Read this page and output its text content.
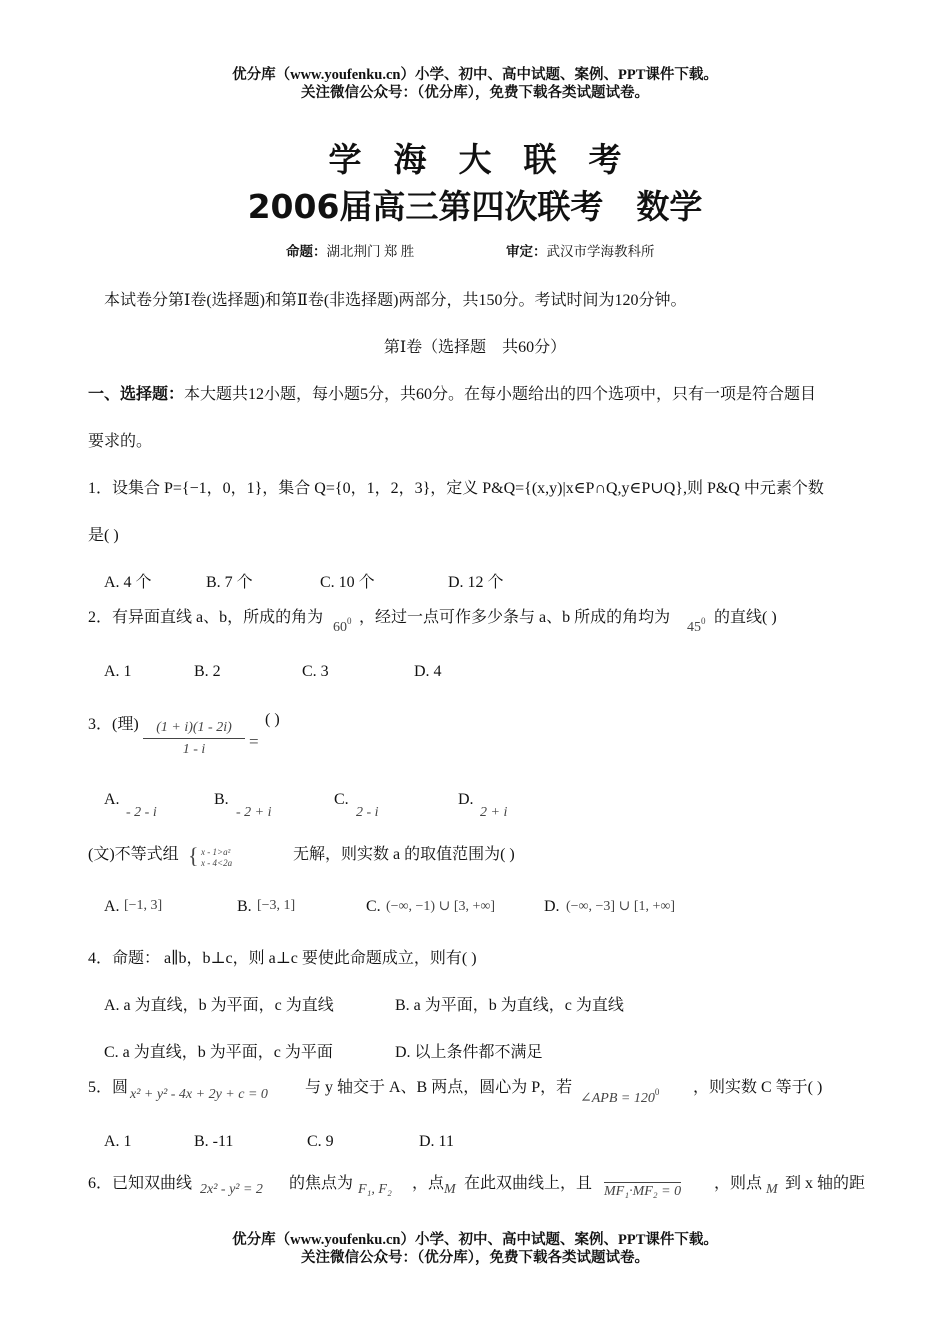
优分库（www.youfenku.cn）小学、初中、高中试题、案例、PPT课件下载。
关注微信公众号：（优分库），免费下载各类试题试卷。
学海大联考
2006届高三第四次联考　数学
命题：湖北荆门 郑 胜	审定：武汉市学海教科所
本试卷分第Ⅰ卷(选择题)和第Ⅱ卷(非选择题)两部分，共150分。考试时间为120分钟。
第Ⅰ卷（选择题　共60分）
一、选择题：本大题共12小题，每小题5分，共60分。在每小题给出的四个选项中，只有一项是符合题目
要求的。
1．设集合 P={−1，0，1}，集合 Q={0，1，2，3}，定义 P&Q={(x,y)|x∈P∩Q,y∈P∪Q},则 P&Q 中元素个数
是( )
A. 4 个	B. 7 个	C. 10 个	D. 12 个
2．有异面直线 a、b，所成的角为
$60^0$ ，经过一点可作多少条与 a、b 所成的角均为
$45^0$ 的直线( )
A. 1	B. 2	C. 3	D. 4
3．(理) $\frac{(1 + i)(1 - 2i)}{1 - i}$ =
( )
A.
- 2 - i
B.
- 2 + i
C.
2 - i
D.
2 + i
(文)不等式组 { x - 1>a²
x - 4<2a	无解，则实数 a 的取值范围为( )
A. [−1, 3]	B. [−3, 1]	C. (−∞, −1) ∪ [3, +∞]	D. (−∞, −3] ∪ [1, +∞]
4．命题： a∥b，b⊥c，则 a⊥c 要使此命题成立，则有( )
A. a 为直线，b 为平面，c 为直线	B. a 为平面，b 为直线，c 为直线
C. a 为直线，b 为平面，c 为平面	D. 以上条件都不满足
5．圆 x² + y² - 4x + 2y + c = 0 与 y 轴交于 A、B 两点，圆心为 P，若
∠APB = $120^0$ ，则实数 C 等于( )
A. 1	B. -11	C. 9	D. 11
6．已知双曲线 2x² - y² = 2 的焦点为 F₁, F₂ ，点 M 在此双曲线上，且 MF₁·MF₂ = 0 ，则点 M 到 x 轴的距
优分库（www.youfenku.cn）小学、初中、高中试题、案例、PPT课件下载。
关注微信公众号：（优分库），免费下载各类试题试卷。
